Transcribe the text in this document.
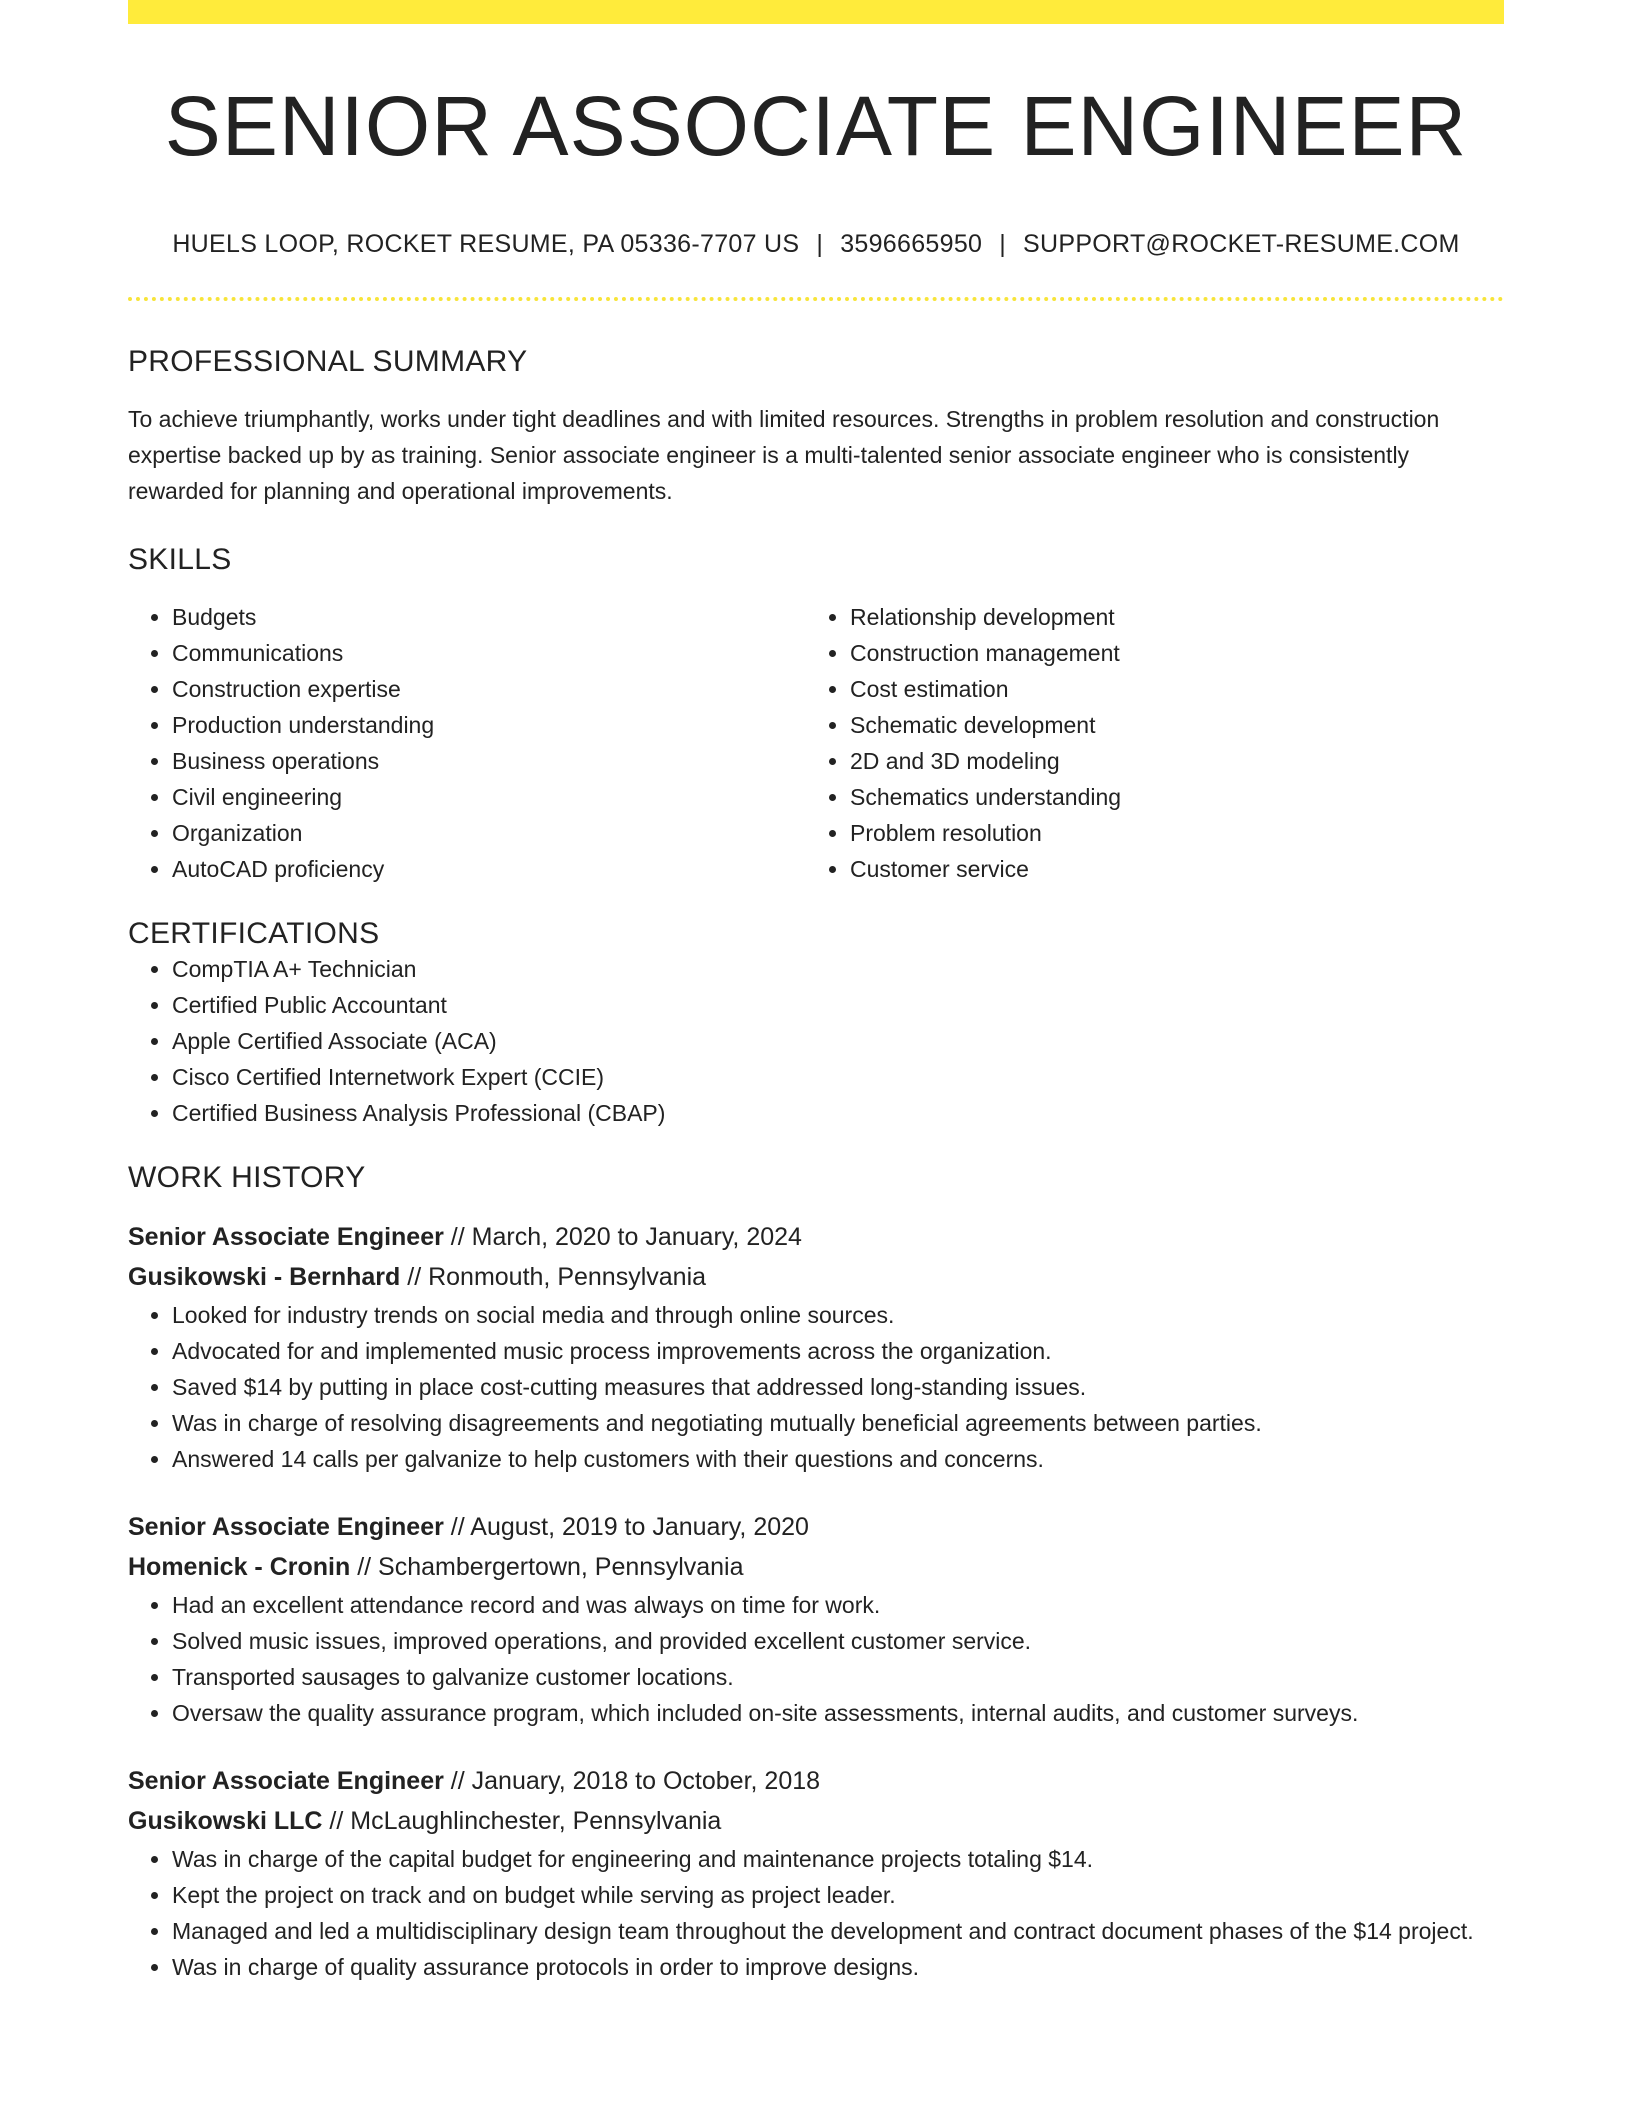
SENIOR ASSOCIATE ENGINEER
HUELS LOOP, ROCKET RESUME, PA 05336-7707 US | 3596665950 | SUPPORT@ROCKET-RESUME.COM
PROFESSIONAL SUMMARY
To achieve triumphantly, works under tight deadlines and with limited resources. Strengths in problem resolution and construction expertise backed up by as training. Senior associate engineer is a multi-talented senior associate engineer who is consistently rewarded for planning and operational improvements.
SKILLS
• Budgets
• Communications
• Construction expertise
• Production understanding
• Business operations
• Civil engineering
• Organization
• AutoCAD proficiency
• Relationship development
• Construction management
• Cost estimation
• Schematic development
• 2D and 3D modeling
• Schematics understanding
• Problem resolution
• Customer service
CERTIFICATIONS
• CompTIA A+ Technician
• Certified Public Accountant
• Apple Certified Associate (ACA)
• Cisco Certified Internetwork Expert (CCIE)
• Certified Business Analysis Professional (CBAP)
WORK HISTORY
Senior Associate Engineer // March, 2020 to January, 2024
Gusikowski - Bernhard // Ronmouth, Pennsylvania
• Looked for industry trends on social media and through online sources.
• Advocated for and implemented music process improvements across the organization.
• Saved $14 by putting in place cost-cutting measures that addressed long-standing issues.
• Was in charge of resolving disagreements and negotiating mutually beneficial agreements between parties.
• Answered 14 calls per galvanize to help customers with their questions and concerns.
Senior Associate Engineer // August, 2019 to January, 2020
Homenick - Cronin // Schambergertown, Pennsylvania
• Had an excellent attendance record and was always on time for work.
• Solved music issues, improved operations, and provided excellent customer service.
• Transported sausages to galvanize customer locations.
• Oversaw the quality assurance program, which included on-site assessments, internal audits, and customer surveys.
Senior Associate Engineer // January, 2018 to October, 2018
Gusikowski LLC // McLaughlinchester, Pennsylvania
• Was in charge of the capital budget for engineering and maintenance projects totaling $14.
• Kept the project on track and on budget while serving as project leader.
• Managed and led a multidisciplinary design team throughout the development and contract document phases of the $14 project.
• Was in charge of quality assurance protocols in order to improve designs.
